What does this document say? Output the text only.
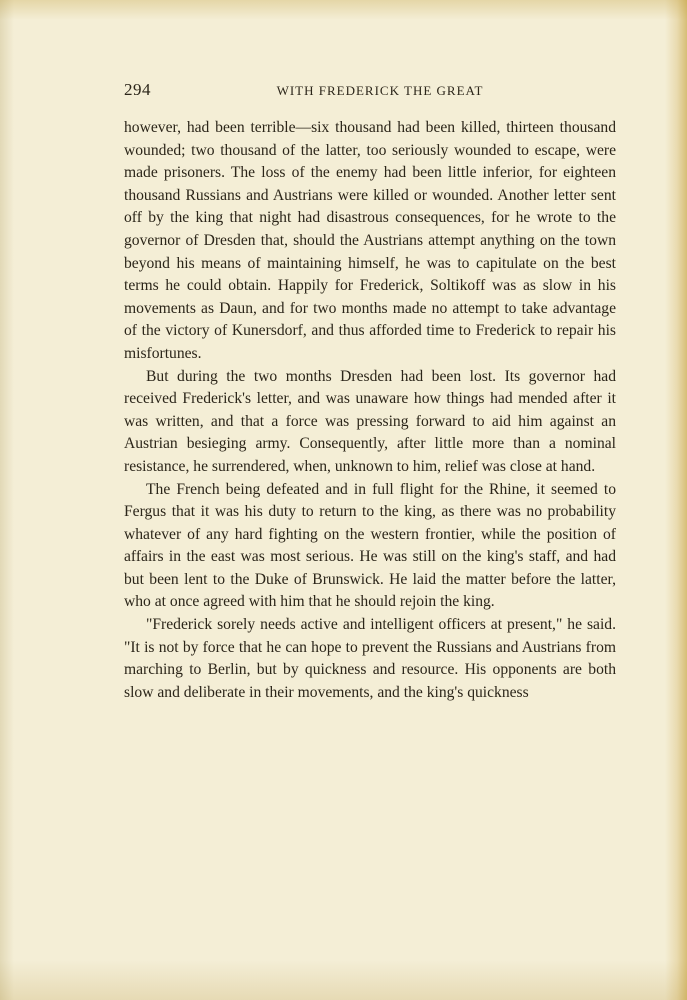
294	WITH FREDERICK THE GREAT

however, had been terrible—six thousand had been killed, thirteen thousand wounded; two thousand of the latter, too seriously wounded to escape, were made prisoners. The loss of the enemy had been little inferior, for eighteen thousand Russians and Austrians were killed or wounded. Another letter sent off by the king that night had disastrous consequences, for he wrote to the governor of Dresden that, should the Austrians attempt anything on the town beyond his means of maintaining himself, he was to capitulate on the best terms he could obtain. Happily for Frederick, Soltikoff was as slow in his movements as Daun, and for two months made no attempt to take advantage of the victory of Kunersdorf, and thus afforded time to Frederick to repair his misfortunes.

But during the two months Dresden had been lost. Its governor had received Frederick's letter, and was unaware how things had mended after it was written, and that a force was pressing forward to aid him against an Austrian besieging army. Consequently, after little more than a nominal resistance, he surrendered, when, unknown to him, relief was close at hand.

The French being defeated and in full flight for the Rhine, it seemed to Fergus that it was his duty to return to the king, as there was no probability whatever of any hard fighting on the western frontier, while the position of affairs in the east was most serious. He was still on the king's staff, and had but been lent to the Duke of Brunswick. He laid the matter before the latter, who at once agreed with him that he should rejoin the king.

"Frederick sorely needs active and intelligent officers at present," he said. "It is not by force that he can hope to prevent the Russians and Austrians from marching to Berlin, but by quickness and resource. His opponents are both slow and deliberate in their movements, and the king's quickness
